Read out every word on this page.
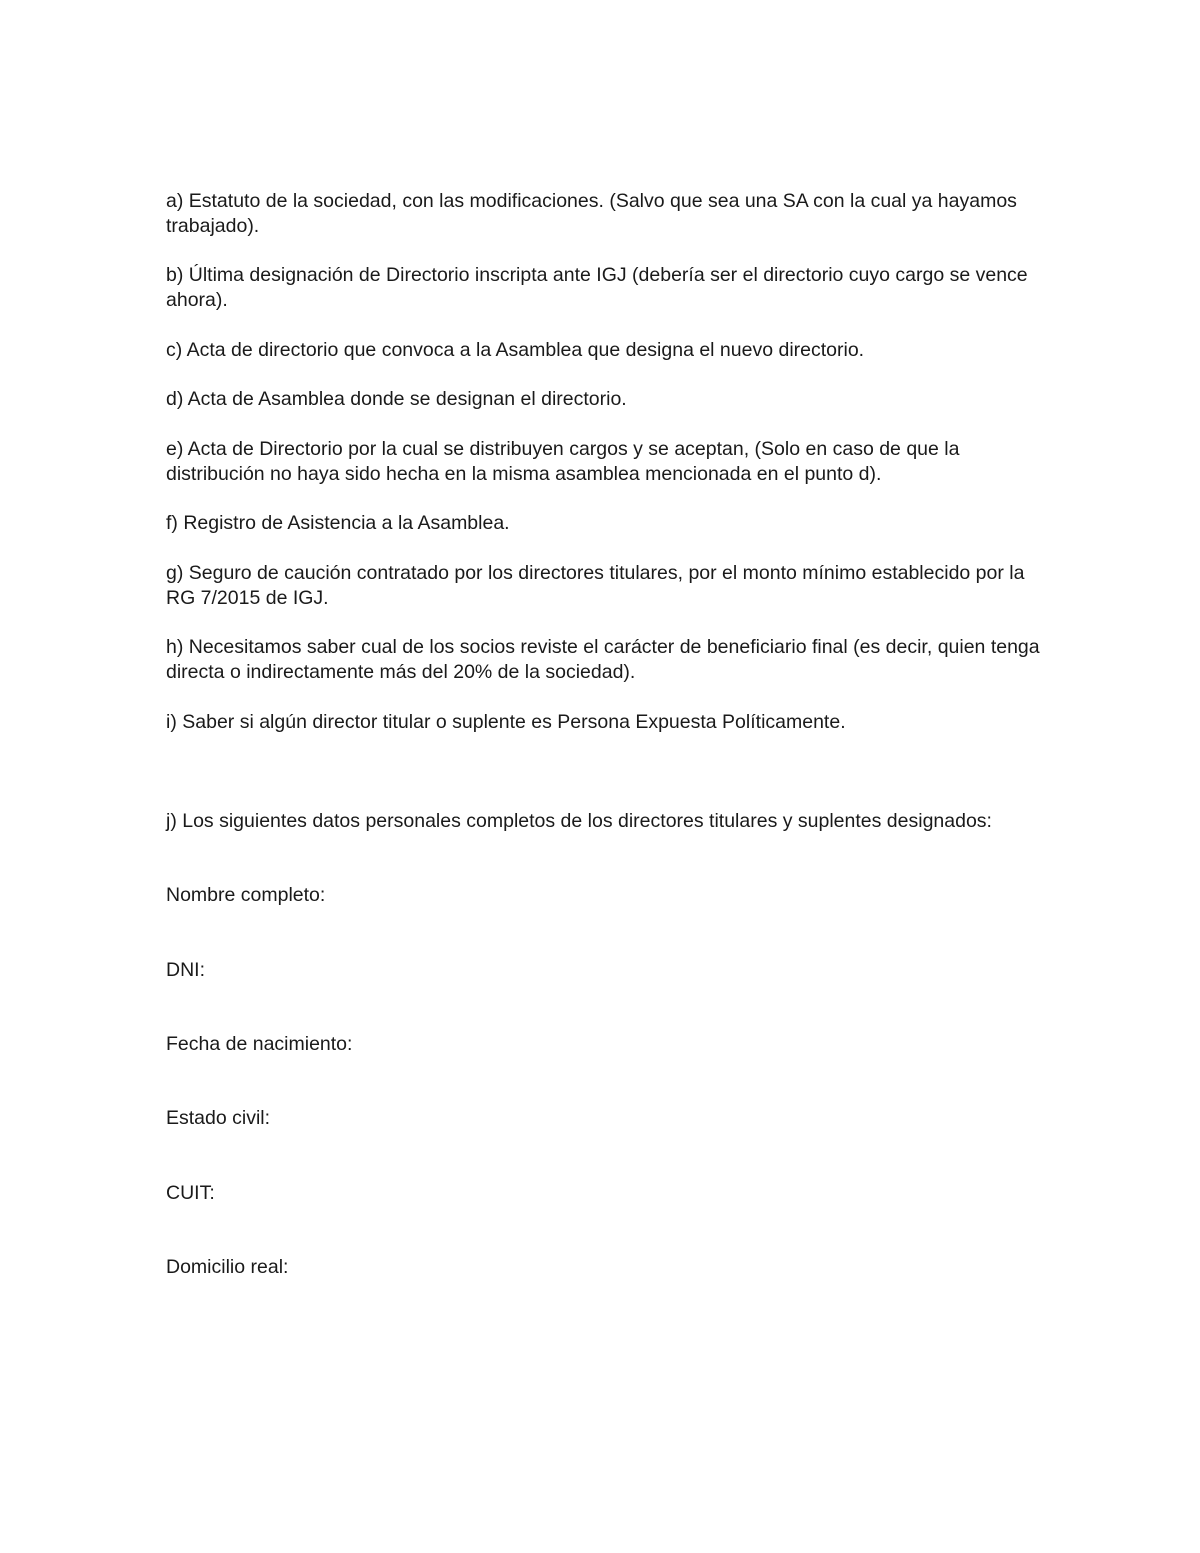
a) Estatuto de la sociedad, con las modificaciones. (Salvo que sea una SA con la cual ya hayamos trabajado).

b) Última designación de Directorio inscripta ante IGJ (debería ser el directorio cuyo cargo se vence ahora).

c) Acta de directorio que convoca a la Asamblea que designa el nuevo directorio.

d) Acta de Asamblea donde se designan el directorio.

e) Acta de Directorio por la cual se distribuyen cargos y se aceptan, (Solo en caso de que la distribución no haya sido hecha en la misma asamblea mencionada en el punto d).

f) Registro de Asistencia a la Asamblea.

g) Seguro de caución contratado por los directores titulares, por el monto mínimo establecido por la RG 7/2015 de IGJ.

h) Necesitamos saber cual de los socios reviste el carácter de beneficiario final (es decir, quien tenga directa o indirectamente más del 20% de la sociedad).

i) Saber si algún director titular o suplente es Persona Expuesta Políticamente.

j) Los siguientes datos personales completos de los directores titulares y suplentes designados:

Nombre completo:

DNI:

Fecha de nacimiento:

Estado civil:

CUIT:

Domicilio real:
